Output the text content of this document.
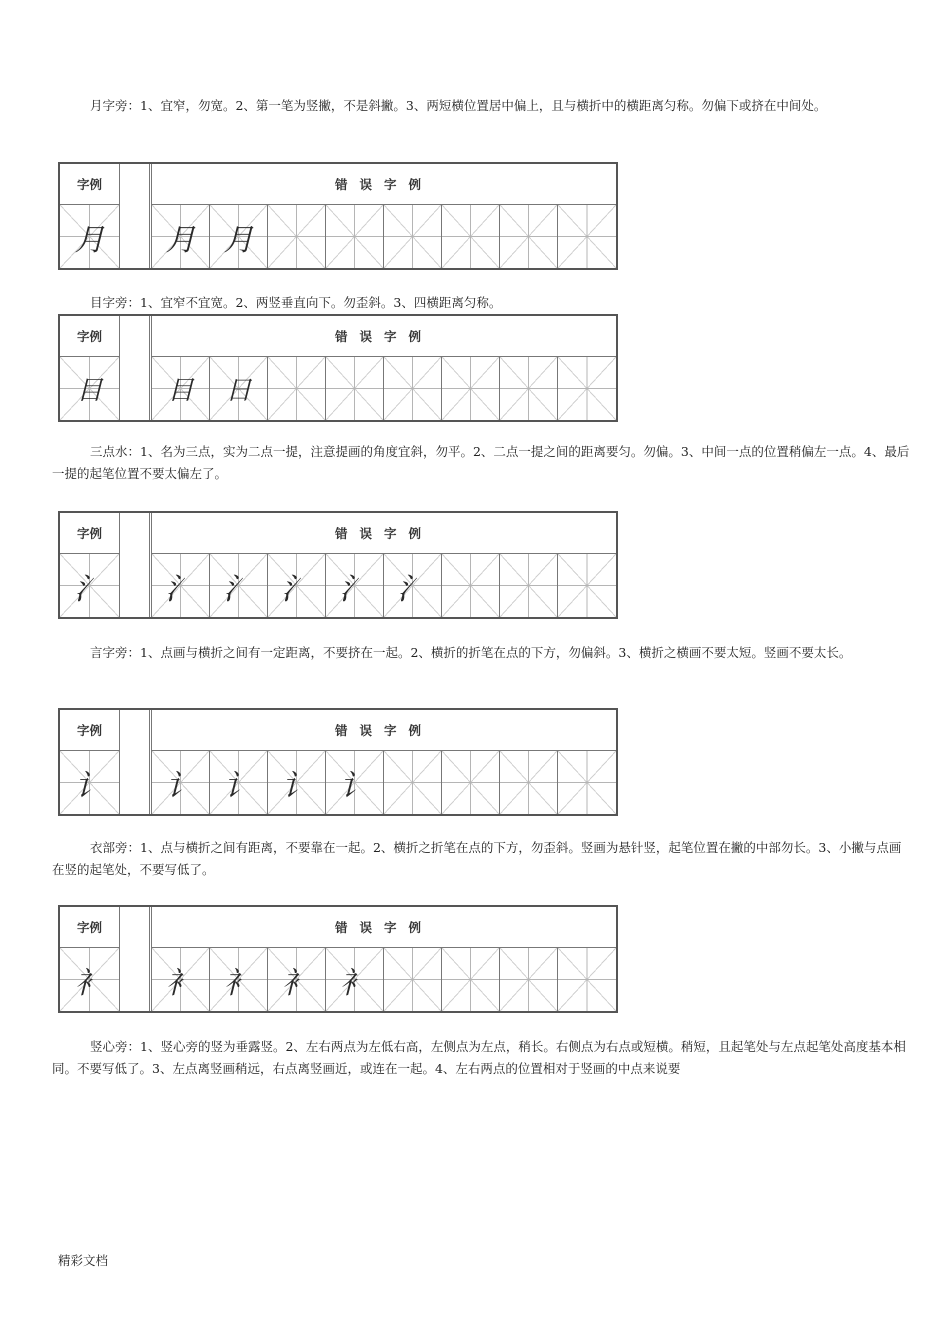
月字旁：1、宜窄，勿宽。2、第一笔为竖撇，不是斜撇。3、两短横位置居中偏上，且与横折中的横距离匀称。勿偏下或挤在中间处。

字例	错误字例
月	月 月

目字旁：1、宜窄不宜宽。2、两竖垂直向下。勿歪斜。3、四横距离匀称。

字例	错误字例
目	目	日

三点水：1、名为三点，实为二点一提，注意提画的角度宜斜，勿平。2、二点一提之间的距离要匀。勿偏。3、中间一点的位置稍偏左一点。4、最后一提的起笔位置不要太偏左了。

字例	错误字例
氵	氵 氵 氵 氵 氵

言字旁：1、点画与横折之间有一定距离，不要挤在一起。2、横折的折笔在点的下方，勿偏斜。3、横折之横画不要太短。竖画不要太长。

字例	错误字例
讠	讠 讠 讠 讠

衣部旁：1、点与横折之间有距离，不要靠在一起。2、横折之折笔在点的下方，勿歪斜。竖画为悬针竖，起笔位置在撇的中部勿长。3、小撇与点画在竖的起笔处，不要写低了。

字例	错误字例
衤	衤 衤 衤 衤

竖心旁：1、竖心旁的竖为垂露竖。2、左右两点为左低右高，左侧点为左点，稍长。右侧点为右点或短横。稍短，且起笔处与左点起笔处高度基本相同。不要写低了。3、左点离竖画稍远，右点离竖画近，或连在一起。4、左右两点的位置相对于竖画的中点来说要

精彩文档
